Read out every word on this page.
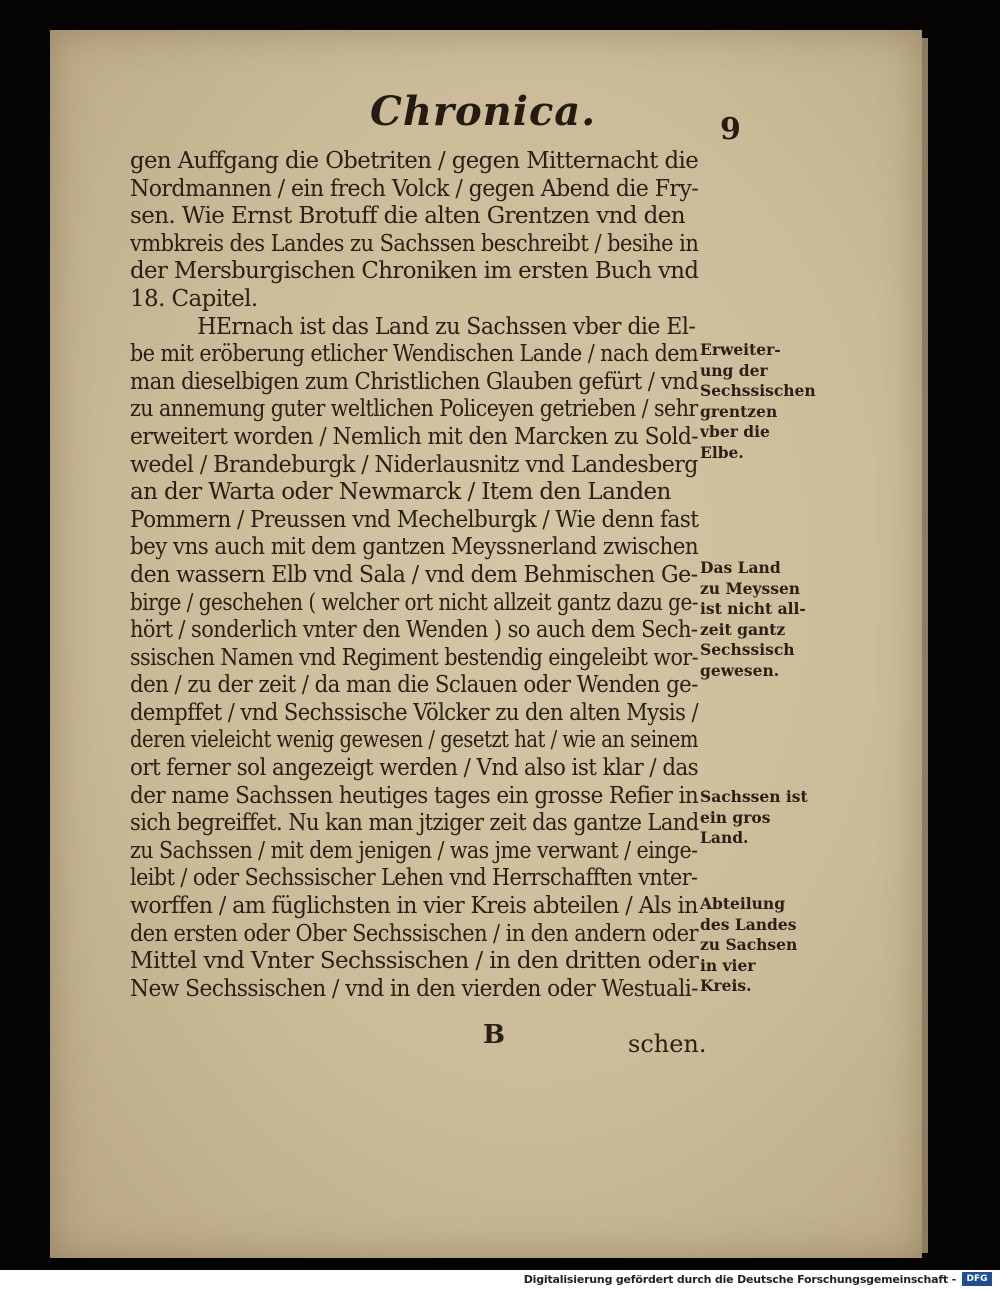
Chronica.	9
gen Auffgang die Obetriten / gegen Mitternacht die
Nordmannen / ein frech Volck / gegen Abend die Fry-
sen. Wie Ernst Brotuff die alten Grentzen vnd den
vmbkreis des Landes zu Sachssen beschreibt / besihe in
der Mersburgischen Chroniken im ersten Buch vnd
18. Capitel.
HErnach ist das Land zu Sachssen vber die El-
be mit eröberung etlicher Wendischen Lande / nach dem
man dieselbigen zum Christlichen Glauben gefürt / vnd
zu annemung guter weltlichen Policeyen getrieben / sehr
erweitert worden / Nemlich mit den Marcken zu Sold-
wedel / Brandeburgk / Niderlausnitz vnd Landesberg
an der Warta oder Newmarck / Item den Landen
Pommern / Preussen vnd Mechelburgk / Wie denn fast
bey vns auch mit dem gantzen Meyssnerland zwischen
den wassern Elb vnd Sala / vnd dem Behmischen Ge-
birge / geschehen ( welcher ort nicht allzeit gantz dazu ge-
hört / sonderlich vnter den Wenden ) so auch dem Sech-
ssischen Namen vnd Regiment bestendig eingeleibt wor-
den / zu der zeit / da man die Sclauen oder Wenden ge-
dempffet / vnd Sechssische Völcker zu den alten Mysis /
deren vieleicht wenig gewesen / gesetzt hat / wie an seinem
ort ferner sol angezeigt werden / Vnd also ist klar / das
der name Sachssen heutiges tages ein grosse Refier in
sich begreiffet. Nu kan man jtziger zeit das gantze Land
zu Sachssen / mit dem jenigen / was jme verwant / einge-
leibt / oder Sechssischer Lehen vnd Herrschafften vnter-
worffen / am füglichsten in vier Kreis abteilen / Als in
den ersten oder Ober Sechssischen / in den andern oder
Mittel vnd Vnter Sechssischen / in den dritten oder
New Sechssischen / vnd in den vierden oder Westuali-
Erweiter-
ung der
Sechssischen
grentzen
vber die
Elbe.
Das Land
zu Meyssen
ist nicht all-
zeit gantz
Sechssisch
gewesen.
Sachssen ist
ein gros
Land.
Abteilung
des Landes
zu Sachsen
in vier
Kreis.
B	schen.
Digitalisierung gefördert durch die Deutsche Forschungsgemeinschaft -	DFG
